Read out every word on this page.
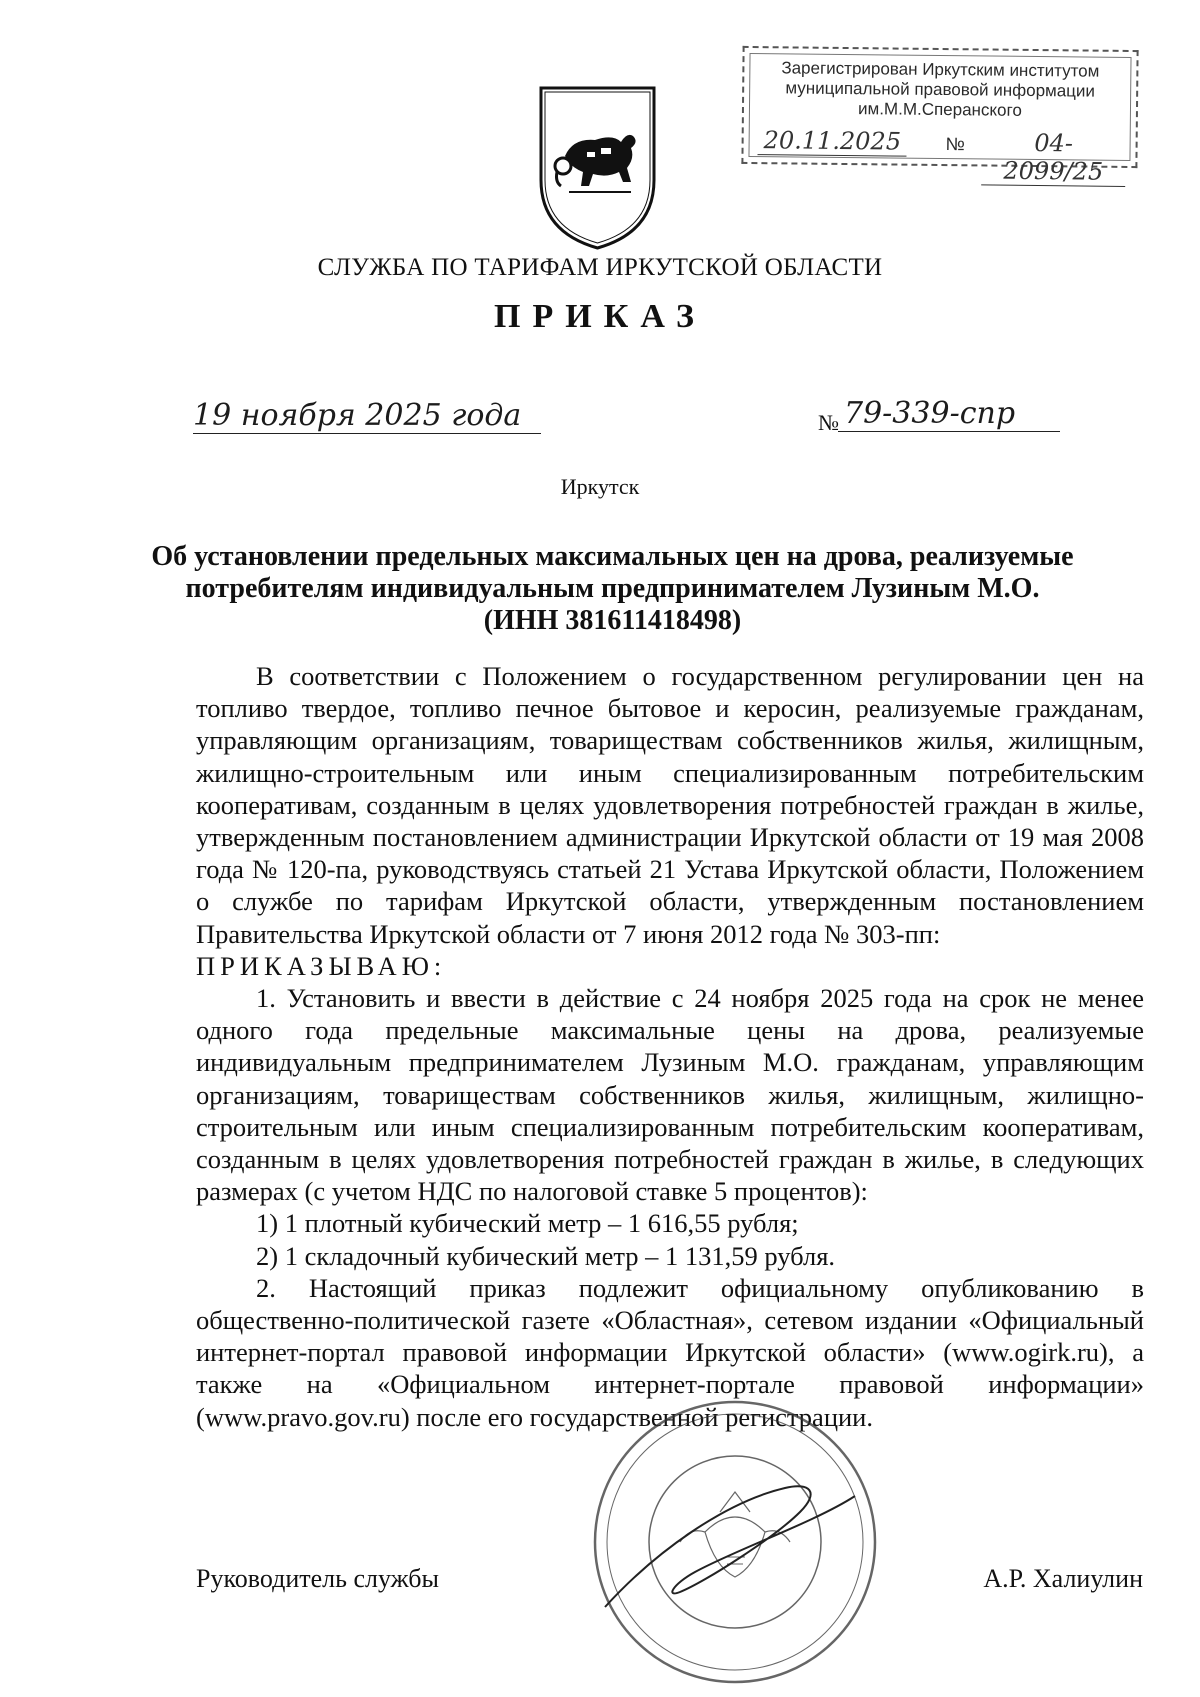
Зарегистрирован Иркутским институтом
муниципальной правовой информации
им.М.М.Сперанского
20.11.2025	№	04-2099/25
СЛУЖБА ПО ТАРИФАМ ИРКУТСКОЙ ОБЛАСТИ
ПРИКАЗ
19 ноября 2025 года	№ 79-339-спр
Иркутск
Об установлении предельных максимальных цен на дрова, реализуемые
потребителям индивидуальным предпринимателем Лузиным М.О.
(ИНН 381611418498)

В соответствии с Положением о государственном регулировании цен на топливо твердое, топливо печное бытовое и керосин, реализуемые гражданам, управляющим организациям, товариществам собственников жилья, жилищным, жилищно-строительным или иным специализированным потребительским кооперативам, созданным в целях удовлетворения потребностей граждан в жилье, утвержденным постановлением администрации Иркутской области от 19 мая 2008 года № 120-па, руководствуясь статьей 21 Устава Иркутской области, Положением о службе по тарифам Иркутской области, утвержденным постановлением Правительства Иркутской области от 7 июня 2012 года № 303-пп:

ПРИКАЗЫВАЮ:

1. Установить и ввести в действие с 24 ноября 2025 года на срок не менее одного года предельные максимальные цены на дрова, реализуемые индивидуальным предпринимателем Лузиным М.О. гражданам, управляющим организациям, товариществам собственников жилья, жилищным, жилищно-строительным или иным специализированным потребительским кооперативам, созданным в целях удовлетворения потребностей граждан в жилье, в следующих размерах (с учетом НДС по налоговой ставке 5 процентов):

1) 1 плотный кубический метр – 1 616,55 рубля;

2) 1 складочный кубический метр – 1 131,59 рубля.

2. Настоящий приказ подлежит официальному опубликованию в общественно-политической газете «Областная», сетевом издании «Официальный интернет-портал правовой информации Иркутской области» (www.ogirk.ru), а также на «Официальном интернет-портале правовой информации» (www.pravo.gov.ru) после его государственной регистрации.

Руководитель службы	А.Р. Халиулин
